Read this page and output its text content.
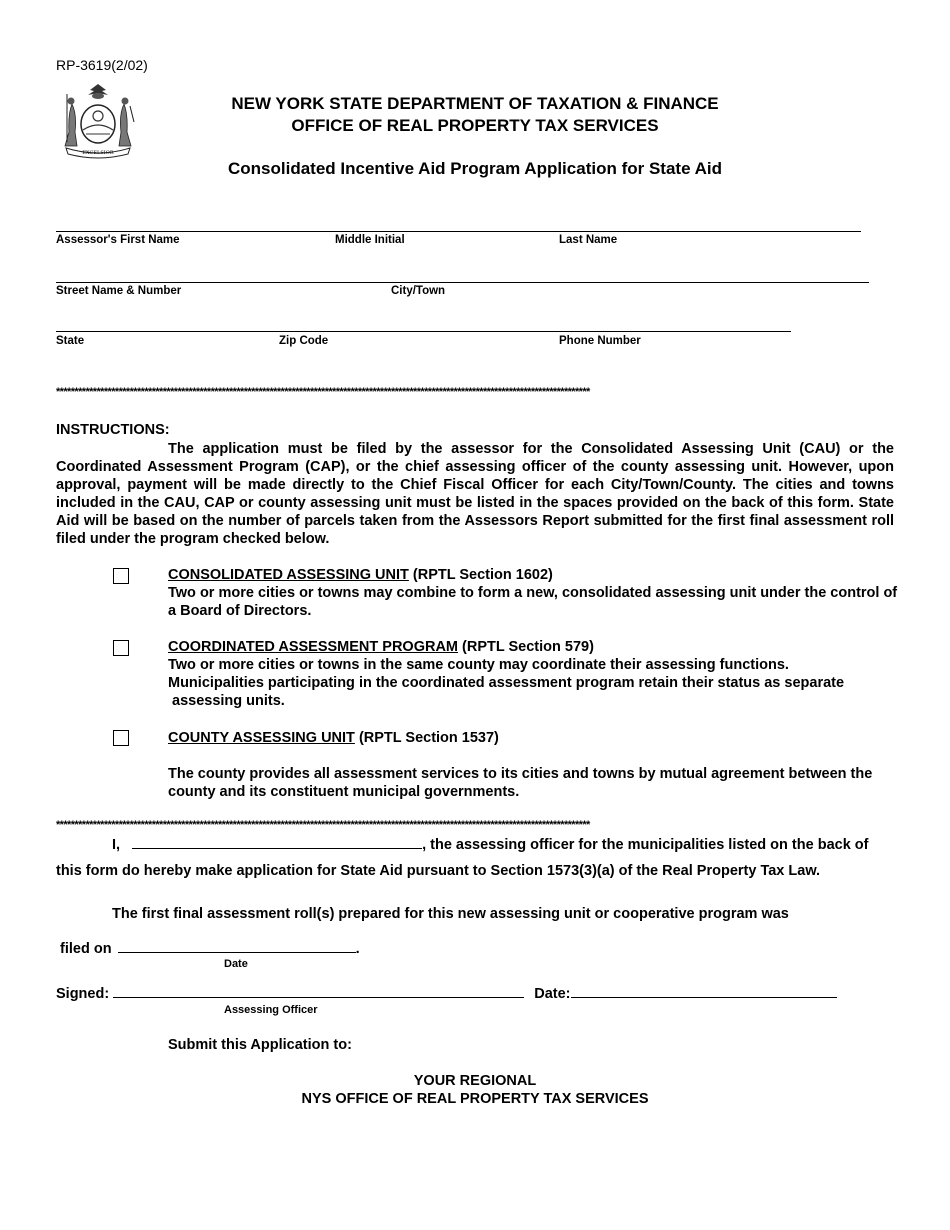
RP-3619(2/02)
EXCELSIOR
NEW YORK STATE DEPARTMENT OF TAXATION & FINANCE
OFFICE OF REAL PROPERTY TAX SERVICES
Consolidated Incentive Aid Program Application for State Aid
Assessor's First Name	Middle Initial	Last Name
Street Name & Number	City/Town
State	Zip Code	Phone Number
*************************************************************************************************************************************************
INSTRUCTIONS:
The application must be filed by the assessor for the Consolidated Assessing Unit (CAU) or the Coordinated Assessment Program (CAP), or the chief assessing officer of the county assessing unit. However, upon approval, payment will be made directly to the Chief Fiscal Officer for each City/Town/County. The cities and towns included in the CAU, CAP or county assessing unit must be listed in the spaces provided on the back of this form. State Aid will be based on the number of parcels taken from the Assessors Report submitted for the first final assessment roll filed under the program checked below.
CONSOLIDATED ASSESSING UNIT (RPTL Section 1602)
Two or more cities or towns may combine to form a new, consolidated assessing unit under the control of a Board of Directors.
COORDINATED ASSESSMENT PROGRAM (RPTL Section 579)
Two or more cities or towns in the same county may coordinate their assessing functions.
Municipalities participating in the coordinated assessment program retain their status as separate
assessing units.
COUNTY ASSESSING UNIT (RPTL Section 1537)
The county provides all assessment services to its cities and towns by mutual agreement between the county and its constituent municipal governments.
*************************************************************************************************************************************************
I,	, the assessing officer for the municipalities listed on the back of
this form do hereby make application for State Aid pursuant to Section 1573(3)(a) of the Real Property Tax Law.
The first final assessment roll(s) prepared for this new assessing unit or cooperative program was
filed on	.
Date
Signed:	Date:
Assessing Officer
Submit this Application to:
YOUR REGIONAL
NYS OFFICE OF REAL PROPERTY TAX SERVICES
